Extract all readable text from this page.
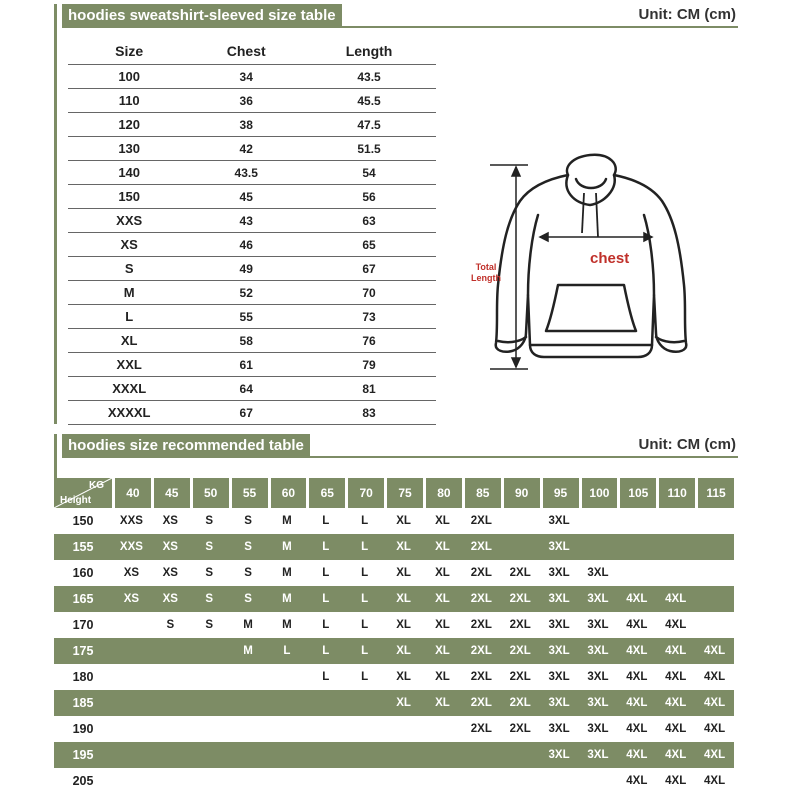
hoodies sweatshirt-sleeved size table	Unit: CM (cm)
Size	Chest	Length
100	34	43.5
110	36	45.5
120	38	47.5
130	42	51.5
140	43.5	54
150	45	56
XXS	43	63
XS	46	65
S	49	67
M	52	70
L	55	73
XL	58	76
XXL	61	79
XXXL	64	81
XXXXL	67	83
chest
Total
Length
hoodies size recommended table	Unit: CM (cm)
KG
Height	40	45	50	55	60	65	70	75	80	85	90	95	100	105	110	115
150	XXS	XS	S	S	M	L	L	XL	XL	2XL		3XL				
155	XXS	XS	S	S	M	L	L	XL	XL	2XL		3XL				
160	XS	XS	S	S	M	L	L	XL	XL	2XL	2XL	3XL	3XL			
165	XS	XS	S	S	M	L	L	XL	XL	2XL	2XL	3XL	3XL	4XL	4XL	
170		S	S	M	M	L	L	XL	XL	2XL	2XL	3XL	3XL	4XL	4XL	
175				M	L	L	L	XL	XL	2XL	2XL	3XL	3XL	4XL	4XL	4XL
180						L	L	XL	XL	2XL	2XL	3XL	3XL	4XL	4XL	4XL
185								XL	XL	2XL	2XL	3XL	3XL	4XL	4XL	4XL
190										2XL	2XL	3XL	3XL	4XL	4XL	4XL
195												3XL	3XL	4XL	4XL	4XL
205														4XL	4XL	4XL
